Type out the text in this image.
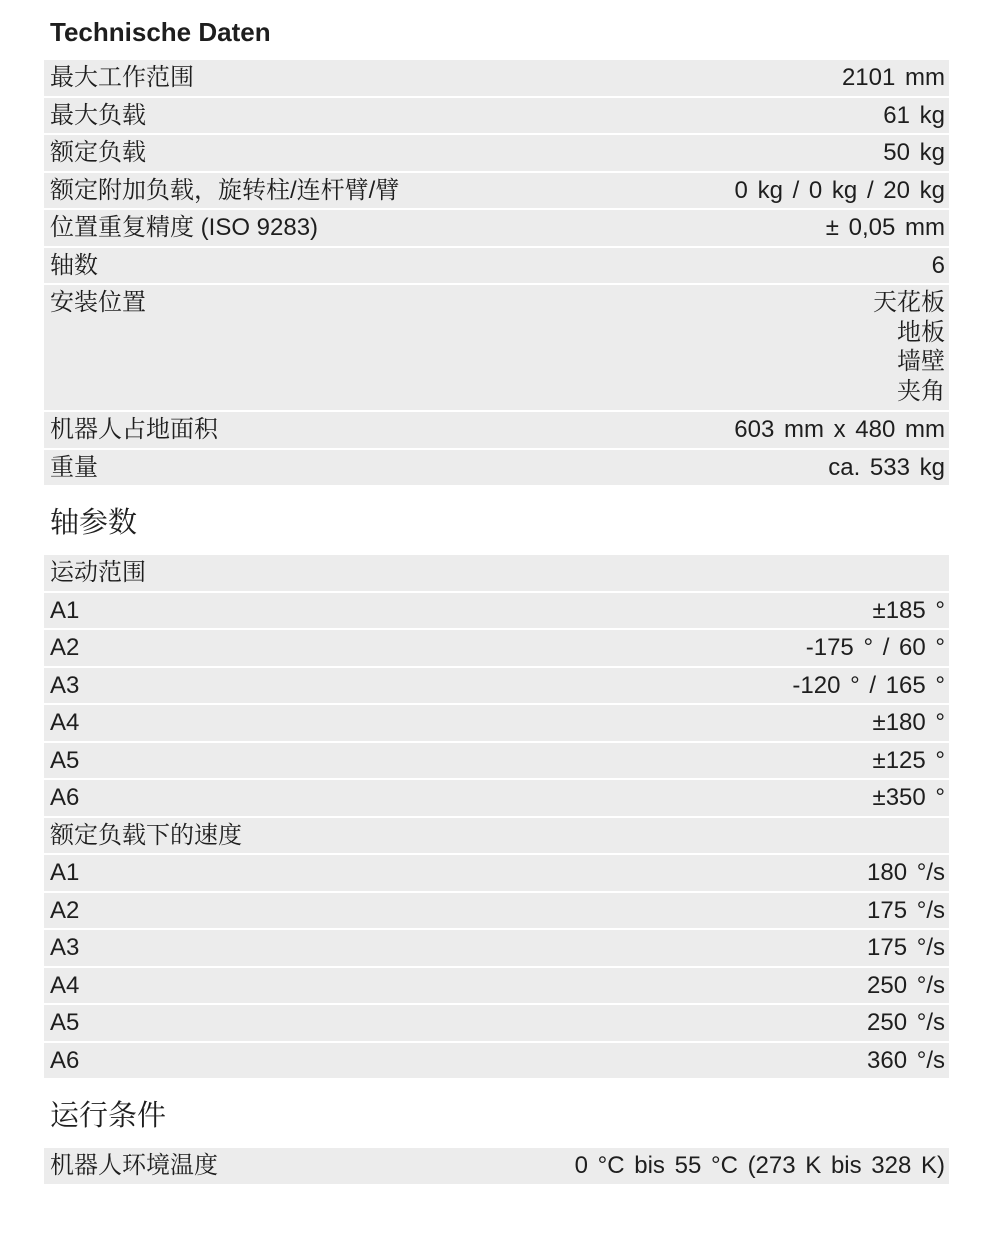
Technische Daten
最大工作范围	2101 mm
最大负载	61 kg
额定负载	50 kg
额定附加负载，旋转柱/连杆臂/臂	0 kg / 0 kg / 20 kg
位置重复精度 (ISO 9283)	± 0,05 mm
轴数	6
安装位置	天花板
地板
墙壁
夹角
机器人占地面积	603 mm x 480 mm
重量	ca. 533 kg
轴参数
运动范围
A1	±185 °
A2	-175 ° / 60 °
A3	-120 ° / 165 °
A4	±180 °
A5	±125 °
A6	±350 °
额定负载下的速度
A1	180 °/s
A2	175 °/s
A3	175 °/s
A4	250 °/s
A5	250 °/s
A6	360 °/s
运行条件
机器人环境温度	0 °C bis 55 °C (273 K bis 328 K)
